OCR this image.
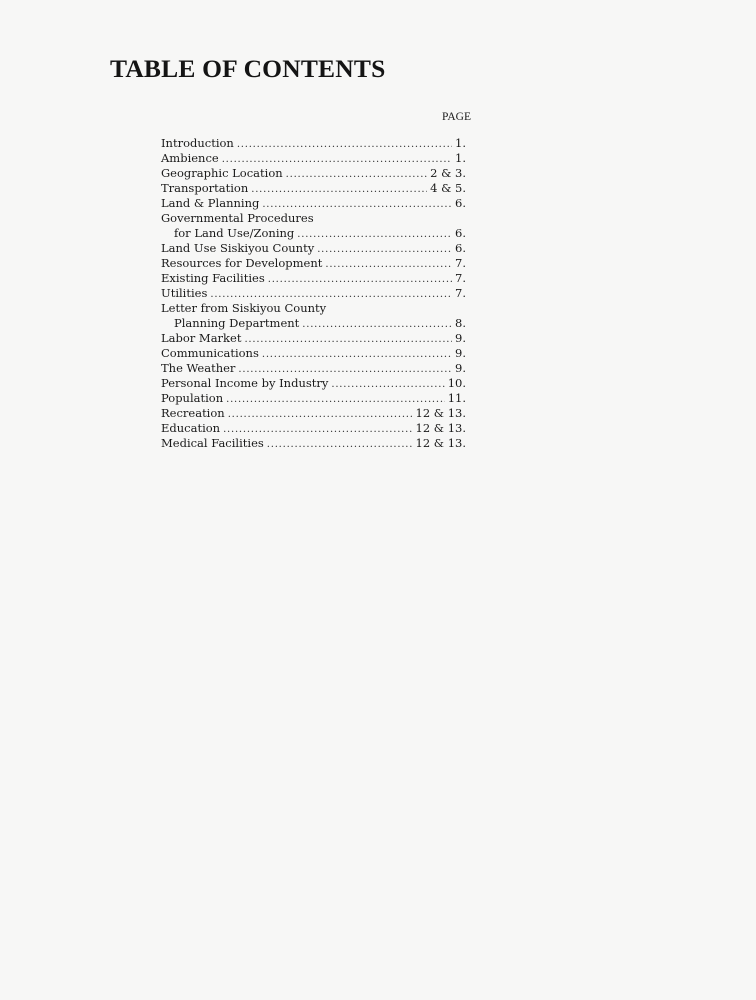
TABLE OF CONTENTS
PAGE
Introduction . . .	1.
Ambience . . .	1.
Geographic Location . . .	2 & 3.
Transportation . . .	4 & 5.
Land & Planning . . .	6.
Governmental Procedures
for Land Use/Zoning . . .	6.
Land Use Siskiyou County . . .	6.
Resources for Development . . .	7.
Existing Facilities . . .	7.
Utilities . . .	7.
Letter from Siskiyou County
Planning Department . . .	8.
Labor Market . . .	9.
Communications . . .	9.
The Weather . . .	9.
Personal Income by Industry . . .	10.
Population . . .	11.
Recreation . . .	12 & 13.
Education . . .	12 & 13.
Medical Facilities . . .	12 & 13.
